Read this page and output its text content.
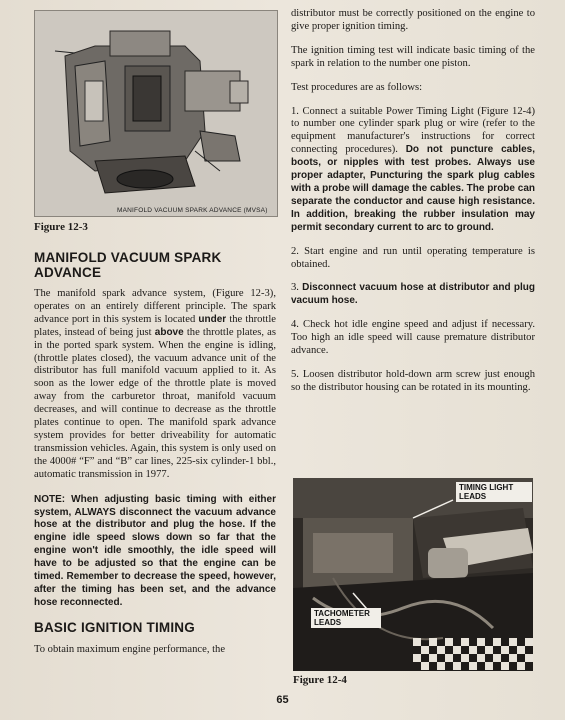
MANIFOLD VACUUM SPARK ADVANCE (MVSA)
Figure 12-3
MANIFOLD VACUUM SPARK ADVANCE

The manifold spark advance system, (Figure 12-3), operates on an entirely different principle. The spark advance port in this system is located under the throttle plates, instead of being just above the throttle plates, as in the ported spark system. When the engine is idling, (throttle plates closed), the vacuum advance unit of the distributor has full manifold vacuum applied to it. As soon as the lower edge of the throttle plate is moved away from the carburetor throat, manifold vacuum decreases, and will continue to decrease as the throttle plates continue to open. The manifold spark advance system provides for better driveability for automatic transmission vehicles. Again, this system is only used on the 4000# “F” and “B” car lines, 225-six cylinder-1 bbl., automatic transmission in 1977.

NOTE: When adjusting basic timing with either system, ALWAYS disconnect the vacuum advance hose at the distributor and plug the hose. If the engine idle speed slows down so far that the engine won't idle smoothly, the idle speed will have to be adjusted so that the engine can be timed. Remember to decrease the speed, however, after the timing has been set, and the advance hose reconnected.

BASIC IGNITION TIMING

To obtain maximum engine performance, the

distributor must be correctly positioned on the engine to give proper ignition timing.

The ignition timing test will indicate basic timing of the spark in relation to the number one piston.

Test procedures are as follows:

1. Connect a suitable Power Timing Light (Figure 12-4) to number one cylinder spark plug or wire (refer to the equipment manufacturer's instructions for correct connecting procedures). Do not puncture cables, boots, or nipples with test probes. Always use proper adapter, Puncturing the spark plug cables with a probe will damage the cables. The probe can separate the conductor and cause high resistance. In addition, breaking the rubber insulation may permit secondary current to arc to ground.

2. Start engine and run until operating temperature is obtained.

3. Disconnect vacuum hose at distributor and plug vacuum hose.

4. Check hot idle engine speed and adjust if necessary. Too high an idle speed will cause premature distributor advance.

5. Loosen distributor hold-down arm screw just enough so the distributor housing can be rotated in its mounting.

TIMING LIGHT LEADS
TACHOMETER LEADS
Figure 12-4
65
